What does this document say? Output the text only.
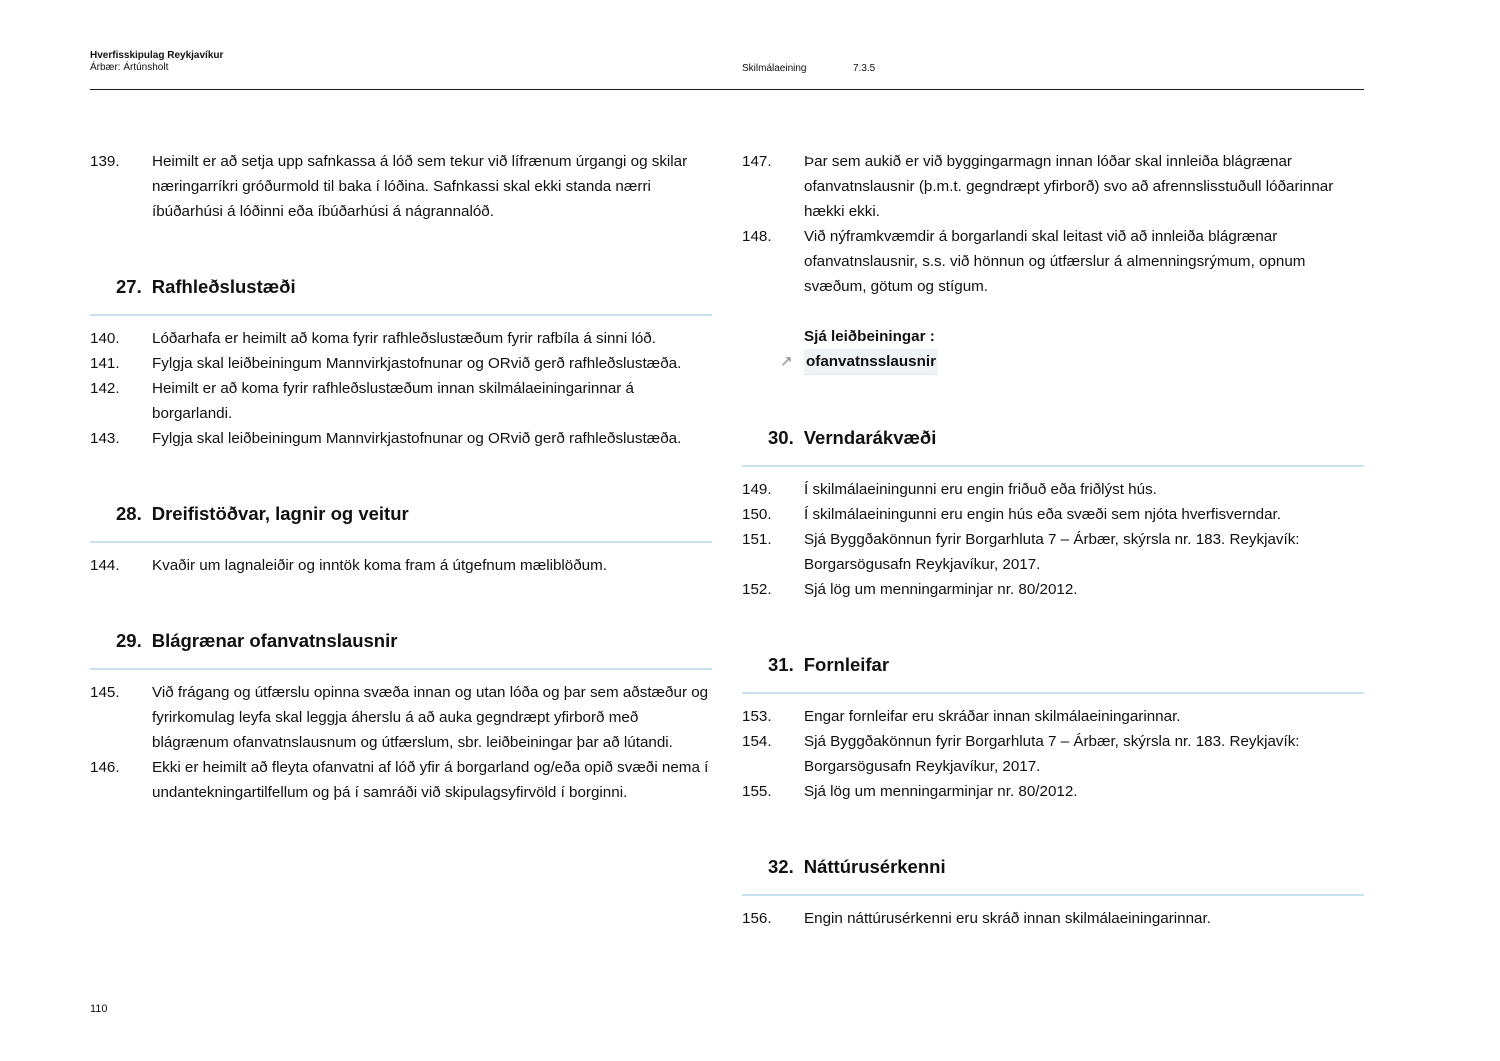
Hverfisskipulag Reykjavíkur
Árbær: Ártúnsholt	Skilmálaeining	7.3.5
139. Heimilt er að setja upp safnkassa á lóð sem tekur við lífrænum úrgangi og skilar næringarríkri gróðurmold til baka í lóðina. Safnkassi skal ekki standa nærri íbúðarhúsi á lóðinni eða íbúðarhúsi á nágrannalóð.
27. Rafhleðslustæði
140. Lóðarhafa er heimilt að koma fyrir rafhleðslustæðum fyrir rafbíla á sinni lóð.
141. Fylgja skal leiðbeiningum Mannvirkjastofnunar og ORvið gerð rafhleðslustæða.
142. Heimilt er að koma fyrir rafhleðslustæðum innan skilmálaeiningarinnar á borgarlandi.
143. Fylgja skal leiðbeiningum Mannvirkjastofnunar og ORvið gerð rafhleðslustæða.
28. Dreifistöðvar, lagnir og veitur
144. Kvaðir um lagnaleiðir og inntök koma fram á útgefnum mæliblöðum.
29. Blágrænar ofanvatnslausnir
145. Við frágang og útfærslu opinna svæða innan og utan lóða og þar sem aðstæður og fyrirkomulag leyfa skal leggja áherslu á að auka gegndræpt yfirborð með blágrænum ofanvatnslausnum og útfærslum, sbr. leiðbeiningar þar að lútandi.
146. Ekki er heimilt að fleyta ofanvatni af lóð yfir á borgarland og/eða opið svæði nema í undantekningartilfellum og þá í samráði við skipulagsyfirvöld í borginni.
147. Þar sem aukið er við byggingarmagn innan lóðar skal innleiða blágrænar ofanvatnslausnir (þ.m.t. gegndræpt yfirborð) svo að afrennslisstuðull lóðarinnar hækki ekki.
148. Við nýframkvæmdir á borgarlandi skal leitast við að innleiða blágrænar ofanvatnslausnir, s.s. við hönnun og útfærslur á almenningsrýmum, opnum svæðum, götum og stígum.
Sjá leiðbeiningar :
↗ ofanvatnsslausnir
30. Verndarákvæði
149. Í skilmálaeiningunni eru engin friðuð eða friðlýst hús.
150. Í skilmálaeiningunni eru engin hús eða svæði sem njóta hverfisverndar.
151. Sjá Byggðakönnun fyrir Borgarhluta 7 – Árbær, skýrsla nr. 183. Reykjavík: Borgarsögusafn Reykjavíkur, 2017.
152. Sjá lög um menningarminjar nr. 80/2012.
31. Fornleifar
153. Engar fornleifar eru skráðar innan skilmálaeiningarinnar.
154. Sjá Byggðakönnun fyrir Borgarhluta 7 – Árbær, skýrsla nr. 183. Reykjavík: Borgarsögusafn Reykjavíkur, 2017.
155. Sjá lög um menningarminjar nr. 80/2012.
32. Náttúrusérkenni
156. Engin náttúrusérkenni eru skráð innan skilmálaeiningarinnar.
110
